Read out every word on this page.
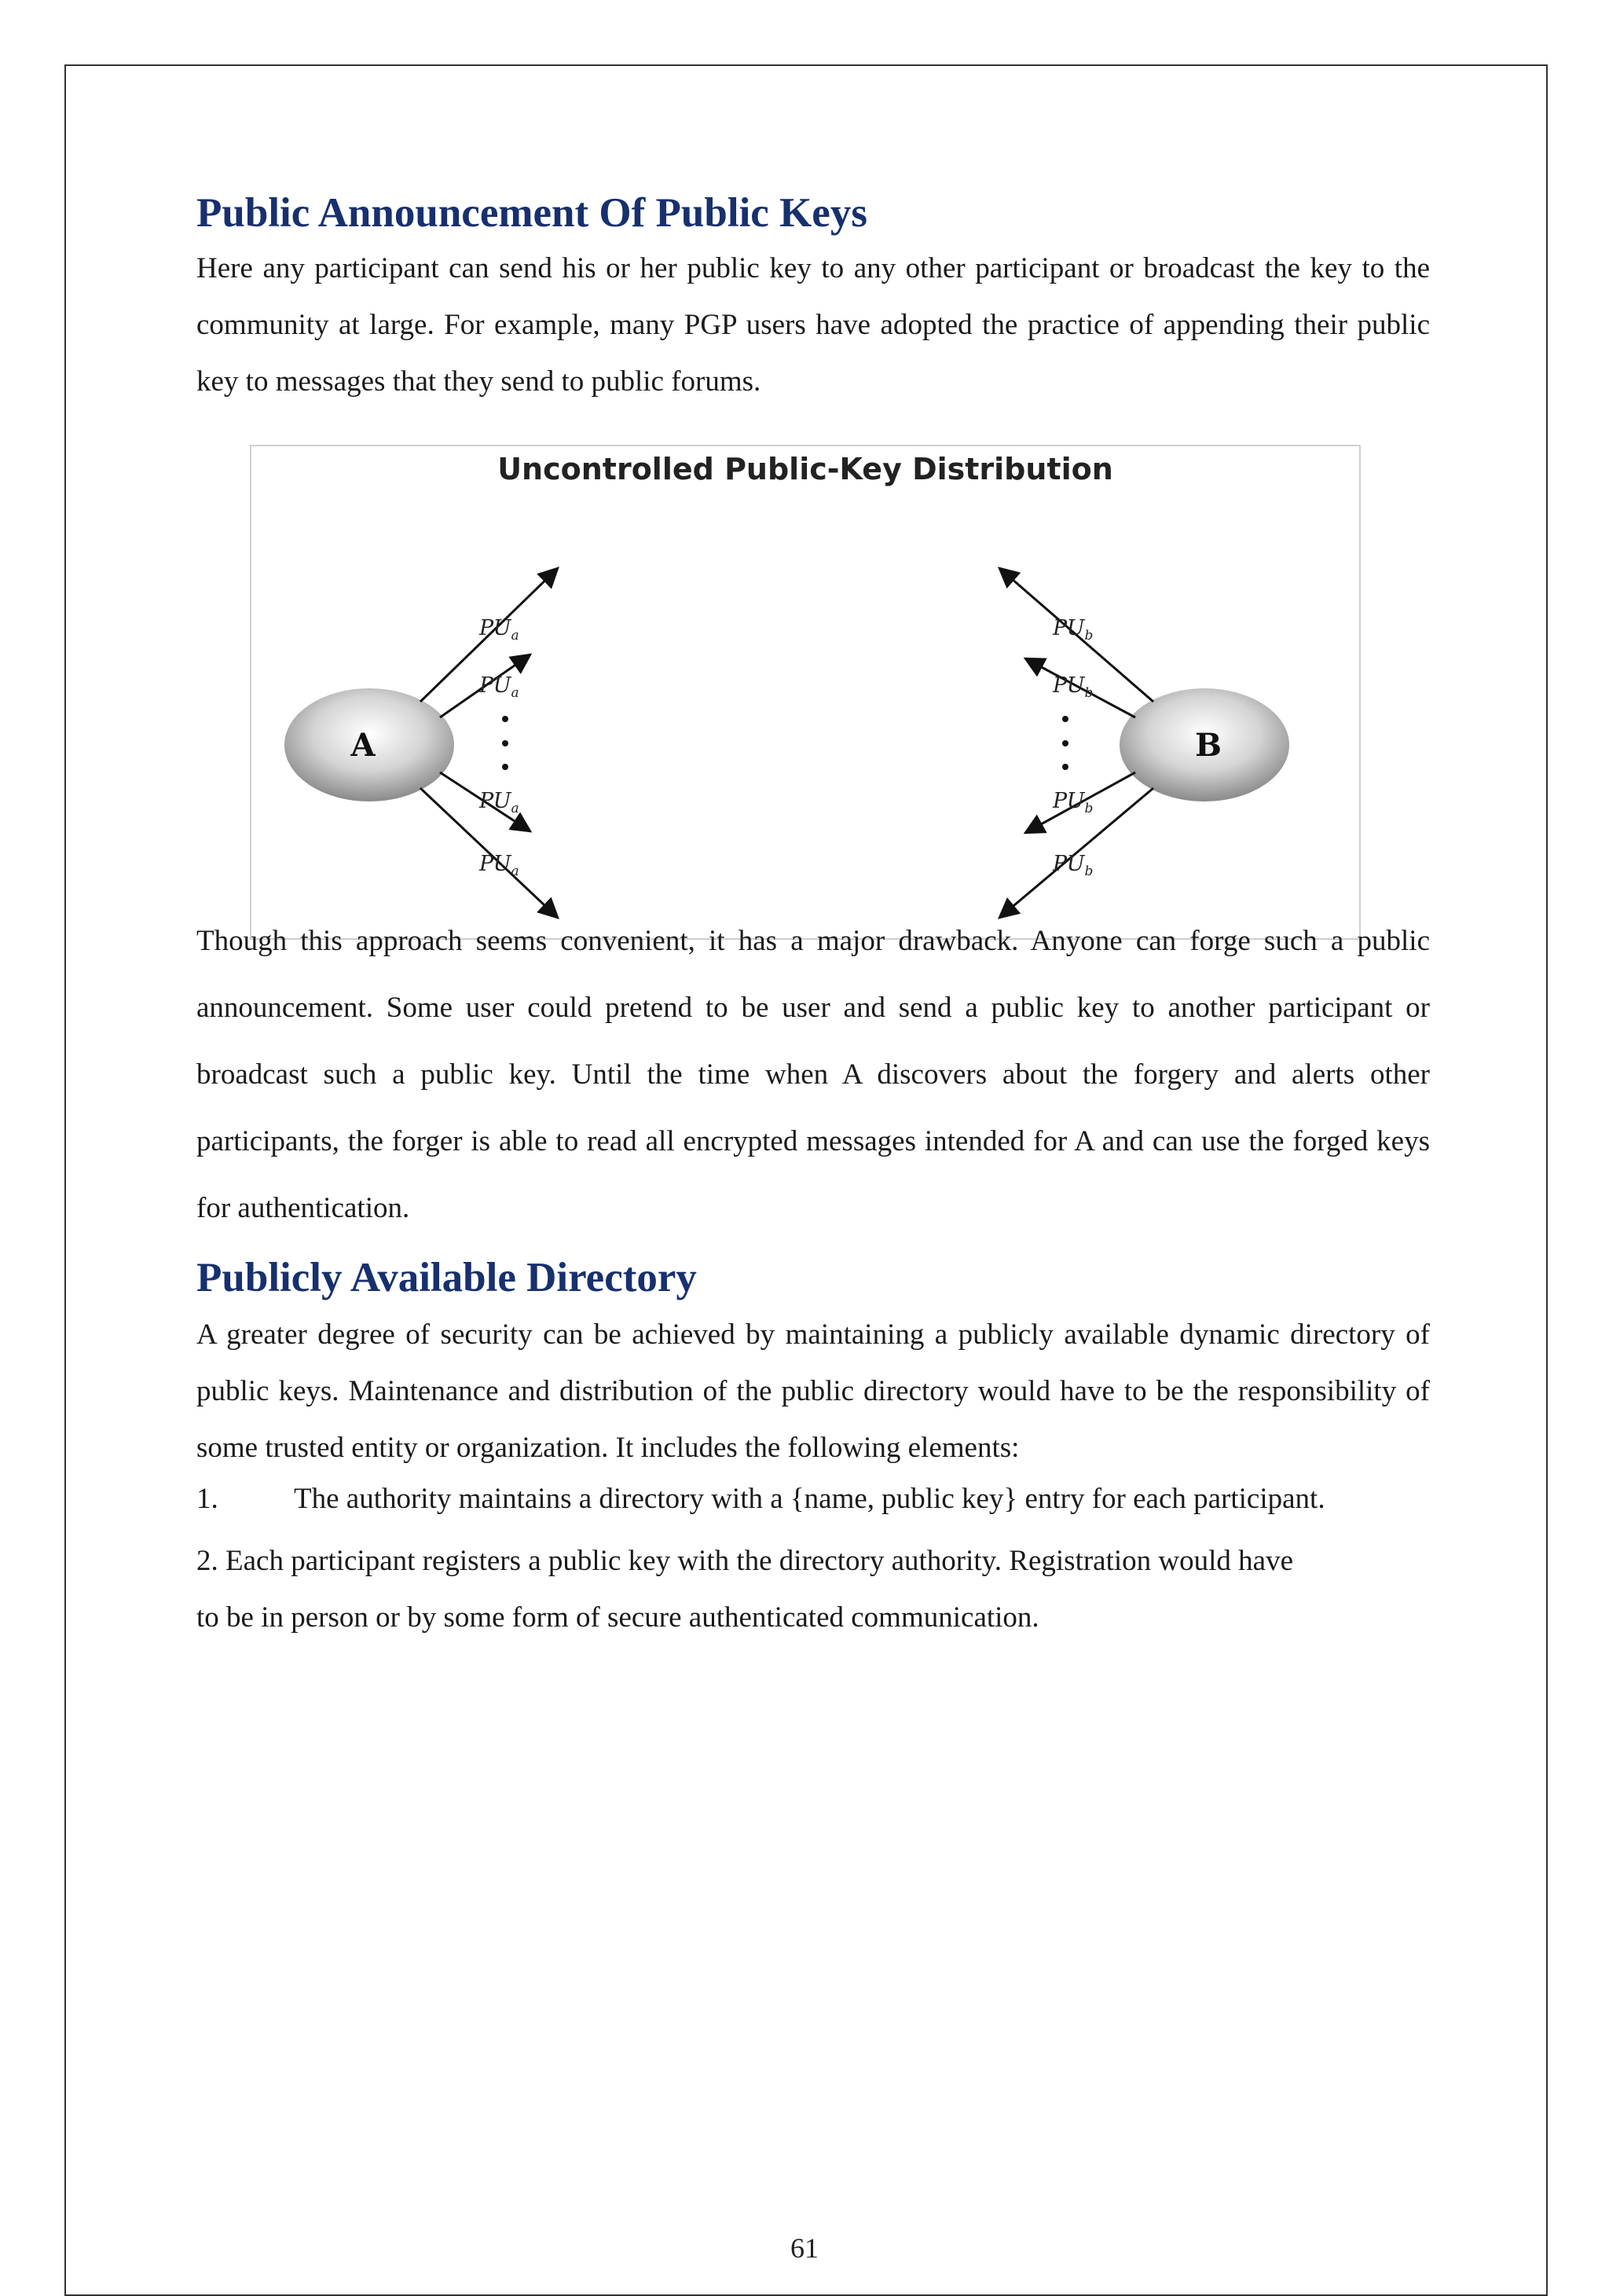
Public Announcement Of Public Keys

Here any participant can send his or her public key to any other participant or broadcast the key to the community at large. For example, many PGP users have adopted the practice of appending their public key to messages that they send to public forums.

Uncontrolled Public-Key Distribution
A
$PU_a$
$PU_a$
$PU_a$
$PU_a$
B
$PU_b$
$PU_b$
$PU_b$
$PU_b$

Though this approach seems convenient, it has a major drawback. Anyone can forge such a public announcement. Some user could pretend to be user and send a public key to another participant or broadcast such a public key. Until the time when A discovers about the forgery and alerts other participants, the forger is able to read all encrypted messages intended for A and can use the forged keys for authentication.

Publicly Available Directory

A greater degree of security can be achieved by maintaining a publicly available dynamic directory of public keys. Maintenance and distribution of the public directory would have to be the responsibility of some trusted entity or organization. It includes the following elements:

1.	The authority maintains a directory with a {name, public key} entry for each participant.
2. Each participant registers a public key with the directory authority. Registration would have to be in person or by some form of secure authenticated communication.
61
